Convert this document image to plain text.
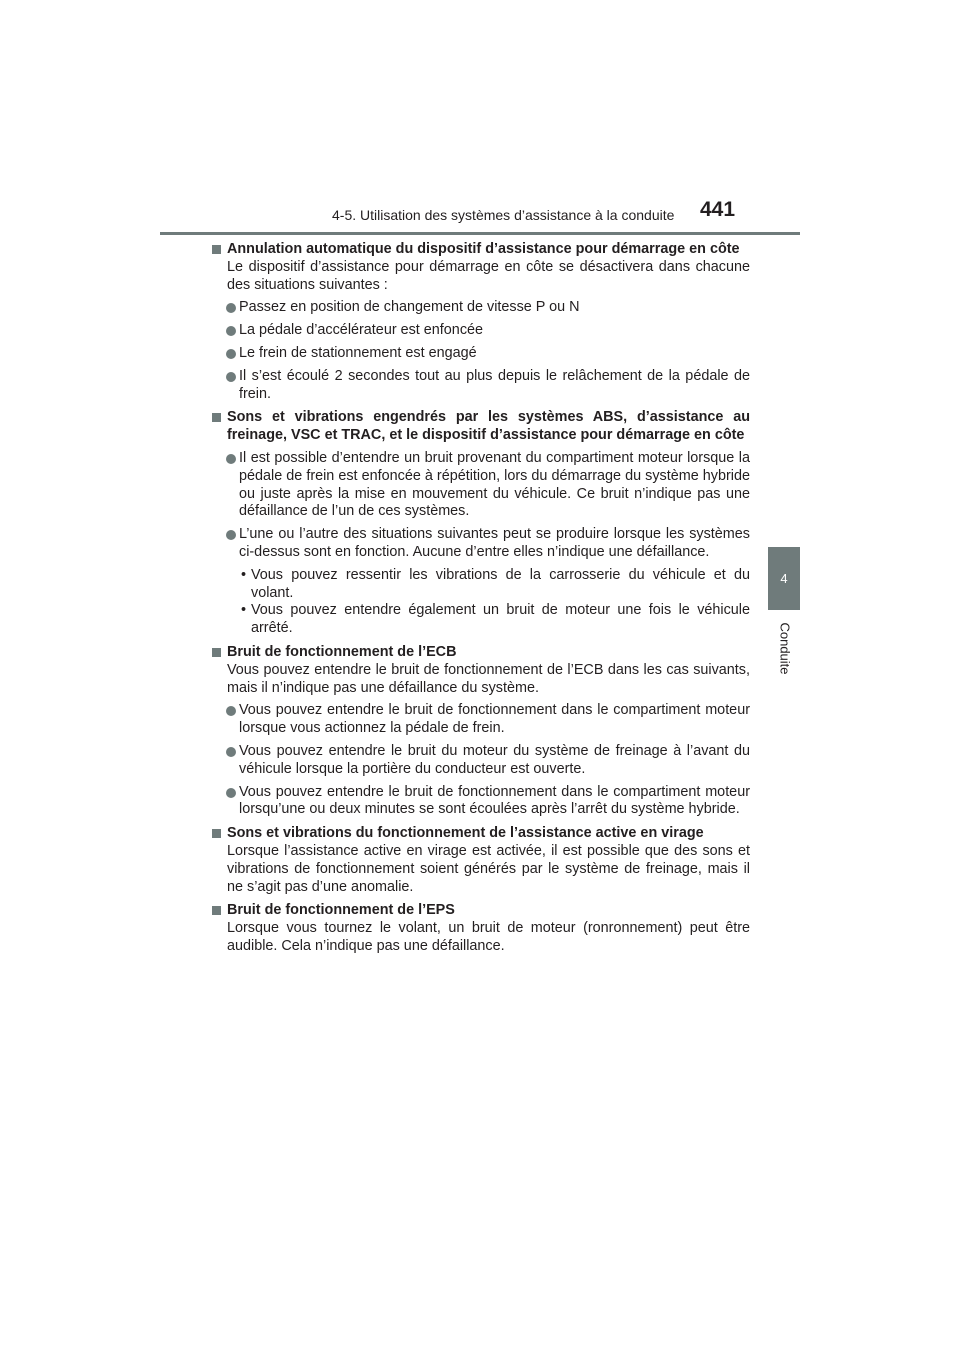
4-5. Utilisation des systèmes d’assistance à la conduite 441
4
Conduite
Annulation automatique du dispositif d’assistance pour démarrage en côte
Le dispositif d’assistance pour démarrage en côte se désactivera dans chacune des situations suivantes :
Passez en position de changement de vitesse P ou N
La pédale d’accélérateur est enfoncée
Le frein de stationnement est engagé
Il s’est écoulé 2 secondes tout au plus depuis le relâchement de la pédale de frein.
Sons et vibrations engendrés par les systèmes ABS, d’assistance au freinage, VSC et TRAC, et le dispositif d’assistance pour démarrage en côte
Il est possible d’entendre un bruit provenant du compartiment moteur lorsque la pédale de frein est enfoncée à répétition, lors du démarrage du système hybride ou juste après la mise en mouvement du véhicule. Ce bruit n’indique pas une défaillance de l’un de ces systèmes.
L’une ou l’autre des situations suivantes peut se produire lorsque les systèmes ci-dessus sont en fonction. Aucune d’entre elles n’indique une défaillance.
• Vous pouvez ressentir les vibrations de la carrosserie du véhicule et du volant.
• Vous pouvez entendre également un bruit de moteur une fois le véhicule arrêté.
Bruit de fonctionnement de l’ECB
Vous pouvez entendre le bruit de fonctionnement de l’ECB dans les cas suivants, mais il n’indique pas une défaillance du système.
Vous pouvez entendre le bruit de fonctionnement dans le compartiment moteur lorsque vous actionnez la pédale de frein.
Vous pouvez entendre le bruit du moteur du système de freinage à l’avant du véhicule lorsque la portière du conducteur est ouverte.
Vous pouvez entendre le bruit de fonctionnement dans le compartiment moteur lorsqu’une ou deux minutes se sont écoulées après l’arrêt du système hybride.
Sons et vibrations du fonctionnement de l’assistance active en virage
Lorsque l’assistance active en virage est activée, il est possible que des sons et vibrations de fonctionnement soient générés par le système de freinage, mais il ne s’agit pas d’une anomalie.
Bruit de fonctionnement de l’EPS
Lorsque vous tournez le volant, un bruit de moteur (ronronnement) peut être audible. Cela n’indique pas une défaillance.
